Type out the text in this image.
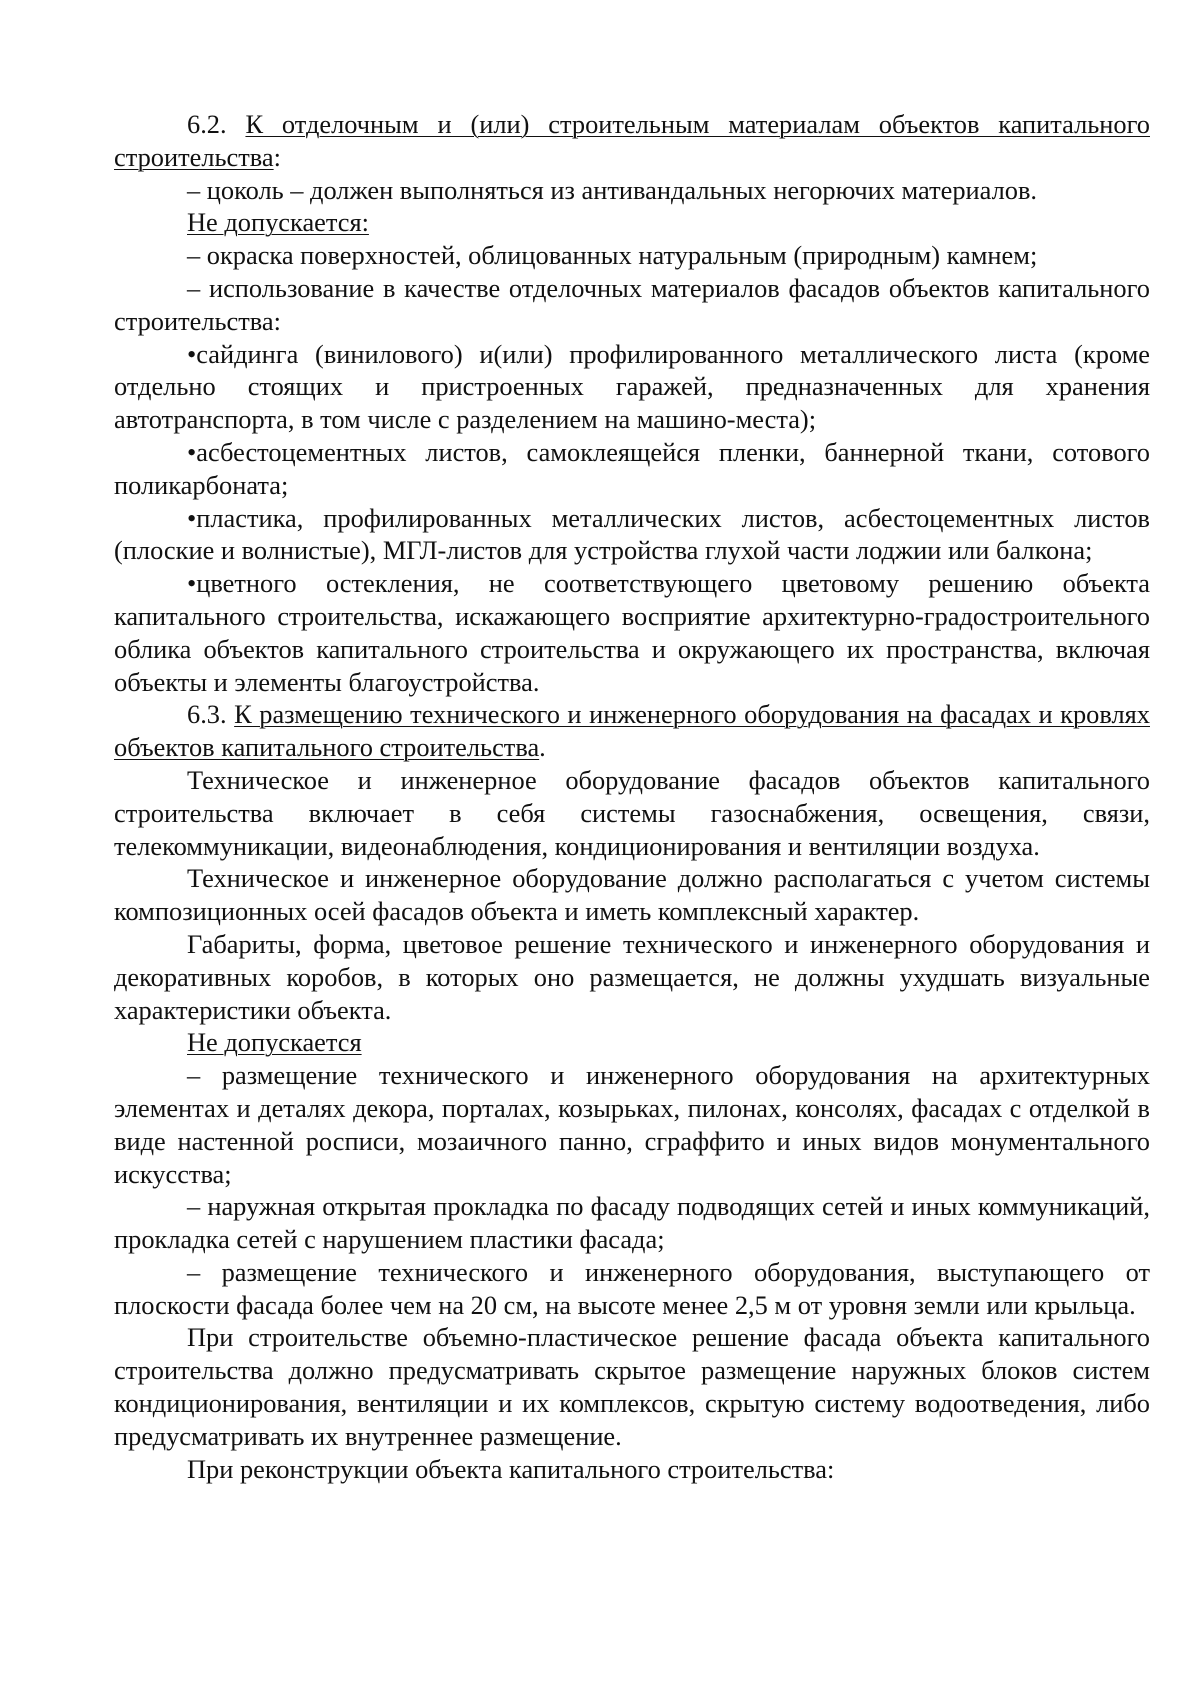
6.2. К отделочным и (или) строительным материалам объектов капитального строительства:

– цоколь – должен выполняться из антивандальных негорючих материалов.

Не допускается:

– окраска поверхностей, облицованных натуральным (природным) камнем;

– использование в качестве отделочных материалов фасадов объектов капитального строительства:

•сайдинга (винилового) и(или) профилированного металлического листа (кроме отдельно стоящих и пристроенных гаражей, предназначенных для хранения автотранспорта, в том числе с разделением на машино-места);

•асбестоцементных листов, самоклеящейся пленки, баннерной ткани, сотового поликарбоната;

•пластика, профилированных металлических листов, асбестоцементных листов (плоские и волнистые), МГЛ-листов для устройства глухой части лоджии или балкона;

•цветного остекления, не соответствующего цветовому решению объекта капитального строительства, искажающего восприятие архитектурно-градостроительного облика объектов капитального строительства и окружающего их пространства, включая объекты и элементы благоустройства.

6.3. К размещению технического и инженерного оборудования на фасадах и кровлях объектов капитального строительства.

Техническое и инженерное оборудование фасадов объектов капитального строительства включает в себя системы газоснабжения, освещения, связи, телекоммуникации, видеонаблюдения, кондиционирования и вентиляции воздуха.

Техническое и инженерное оборудование должно располагаться с учетом системы композиционных осей фасадов объекта и иметь комплексный характер.

Габариты, форма, цветовое решение технического и инженерного оборудования и декоративных коробов, в которых оно размещается, не должны ухудшать визуальные характеристики объекта.

Не допускается

– размещение технического и инженерного оборудования на архитектурных элементах и деталях декора, порталах, козырьках, пилонах, консолях, фасадах с отделкой в виде настенной росписи, мозаичного панно, сграффито и иных видов монументального искусства;

– наружная открытая прокладка по фасаду подводящих сетей и иных коммуникаций, прокладка сетей с нарушением пластики фасада;

– размещение технического и инженерного оборудования, выступающего от плоскости фасада более чем на 20 см, на высоте менее 2,5 м от уровня земли или крыльца.

При строительстве объемно-пластическое решение фасада объекта капитального строительства должно предусматривать скрытое размещение наружных блоков систем кондиционирования, вентиляции и их комплексов, скрытую систему водоотведения, либо предусматривать их внутреннее размещение.

При реконструкции объекта капитального строительства:
